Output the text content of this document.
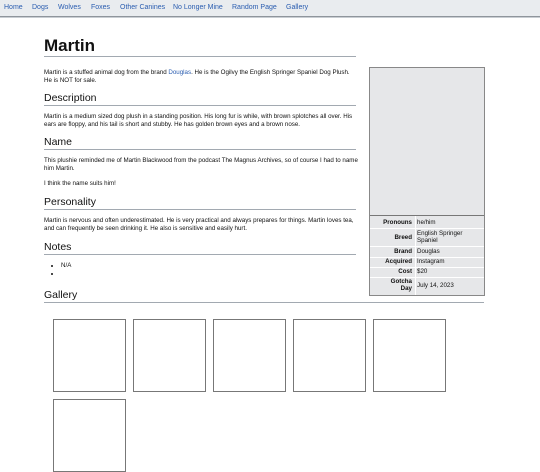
Home Dogs Wolves Foxes Other Canines No Longer Mine Random Page Gallery
Martin

Martin is a stuffed animal dog from the brand Douglas. He is the Ogilvy the English Springer Spaniel Dog Plush. He is NOT for sale.

Description

Martin is a medium sized dog plush in a standing position. His long fur is while, with brown splotches all over. His ears are floppy, and his tail is short and stubby. He has golden brown eyes and a brown nose.

Name

This plushie reminded me of Martin Blackwood from the podcast The Magnus Archives, so of course I had to name him Martin.

I think the name suits him!

Personality

Martin is nervous and often underestimated. He is very practical and always prepares for things. Martin loves tea, and can frequently be seen drinking it. He also is sensitive and easily hurt.

Notes
• N/A
•
Gallery
Pronouns he/him
Breed
English Springer Spaniel
Brand Douglas
Acquired Instagram
Cost $20
Gotcha Day July 14, 2023
